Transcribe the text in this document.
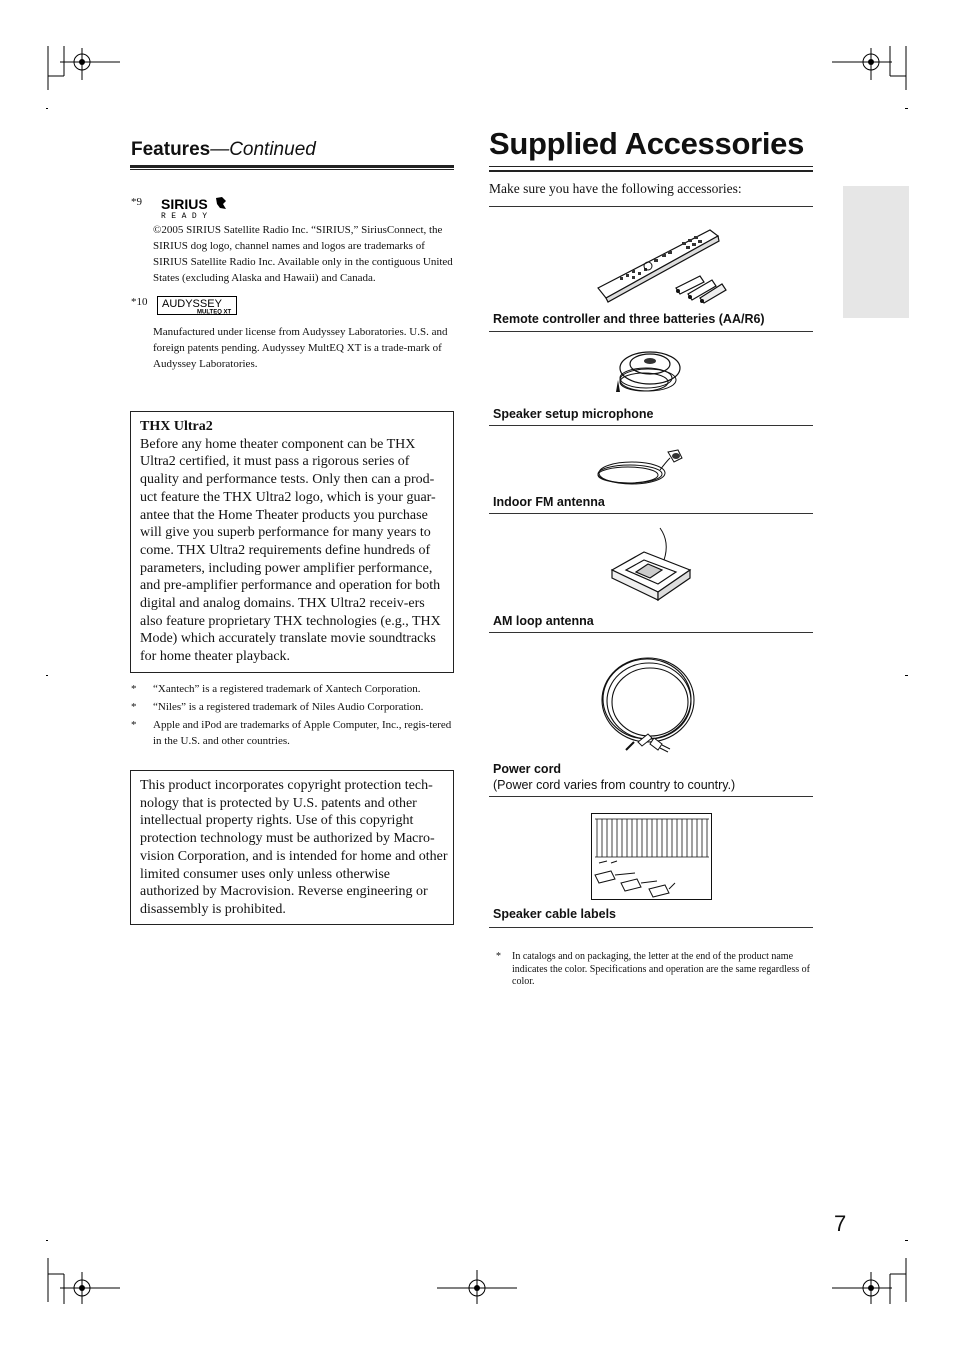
Features—Continued
*9 SIRIUS
READY
©2005 SIRIUS Satellite Radio Inc. “SIRIUS,” SiriusConnect, the SIRIUS dog logo, channel names and logos are trademarks of SIRIUS Satellite Radio Inc. Available only in the contiguous United States (excluding Alaska and Hawaii) and Canada.
*10 AUDYSSEY
MULTEQ XT
Manufactured under license from Audyssey Laboratories. U.S. and foreign patents pending. Audyssey MultEQ XT is a trade-mark of Audyssey Laboratories.
THX Ultra2
Before any home theater component can be THX Ultra2 certified, it must pass a rigorous series of quality and performance tests. Only then can a prod-uct feature the THX Ultra2 logo, which is your guar-antee that the Home Theater products you purchase will give you superb performance for many years to come. THX Ultra2 requirements define hundreds of parameters, including power amplifier performance, and pre-amplifier performance and operation for both digital and analog domains. THX Ultra2 receiv-ers also feature proprietary THX technologies (e.g., THX Mode) which accurately translate movie soundtracks for home theater playback.
* “Xantech” is a registered trademark of Xantech Corporation.
* “Niles” is a registered trademark of Niles Audio Corporation.
* Apple and iPod are trademarks of Apple Computer, Inc., regis-tered in the U.S. and other countries.
This product incorporates copyright protection tech-nology that is protected by U.S. patents and other intellectual property rights. Use of this copyright protection technology must be authorized by Macro-vision Corporation, and is intended for home and other limited consumer uses only unless otherwise authorized by Macrovision. Reverse engineering or disassembly is prohibited.
Supplied Accessories
Make sure you have the following accessories:
Remote controller and three batteries (AA/R6)
Speaker setup microphone
Indoor FM antenna
AM loop antenna
Power cord
(Power cord varies from country to country.)
Speaker cable labels
* In catalogs and on packaging, the letter at the end of the product name indicates the color. Specifications and operation are the same regardless of color.
7
